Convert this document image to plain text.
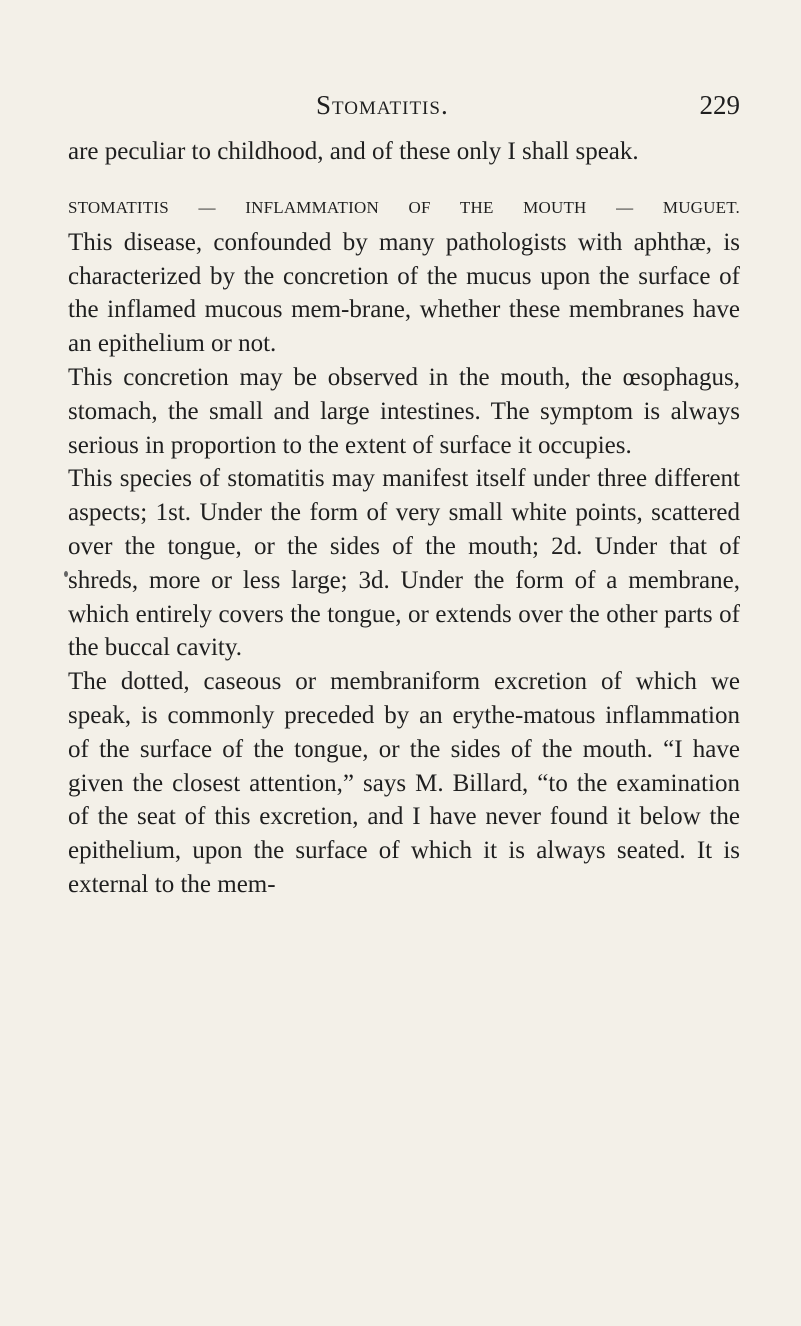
Stomatitis.	229

are peculiar to childhood, and of these only I shall speak.

STOMATITIS — INFLAMMATION OF THE MOUTH — MUGUET.

This disease, confounded by many pathologists with aphthæ, is characterized by the concretion of the mucus upon the surface of the inflamed mucous mem-brane, whether these membranes have an epithelium or not.

This concretion may be observed in the mouth, the œsophagus, stomach, the small and large intestines. The symptom is always serious in proportion to the extent of surface it occupies.

This species of stomatitis may manifest itself under three different aspects; 1st. Under the form of very small white points, scattered over the tongue, or the sides of the mouth; 2d. Under that of shreds, more or less large; 3d. Under the form of a membrane, which entirely covers the tongue, or extends over the other parts of the buccal cavity.

The dotted, caseous or membraniform excretion of which we speak, is commonly preceded by an erythe-matous inflammation of the surface of the tongue, or the sides of the mouth. “I have given the closest attention,” says M. Billard, “to the examination of the seat of this excretion, and I have never found it below the epithelium, upon the surface of which it is always seated. It is external to the mem-
